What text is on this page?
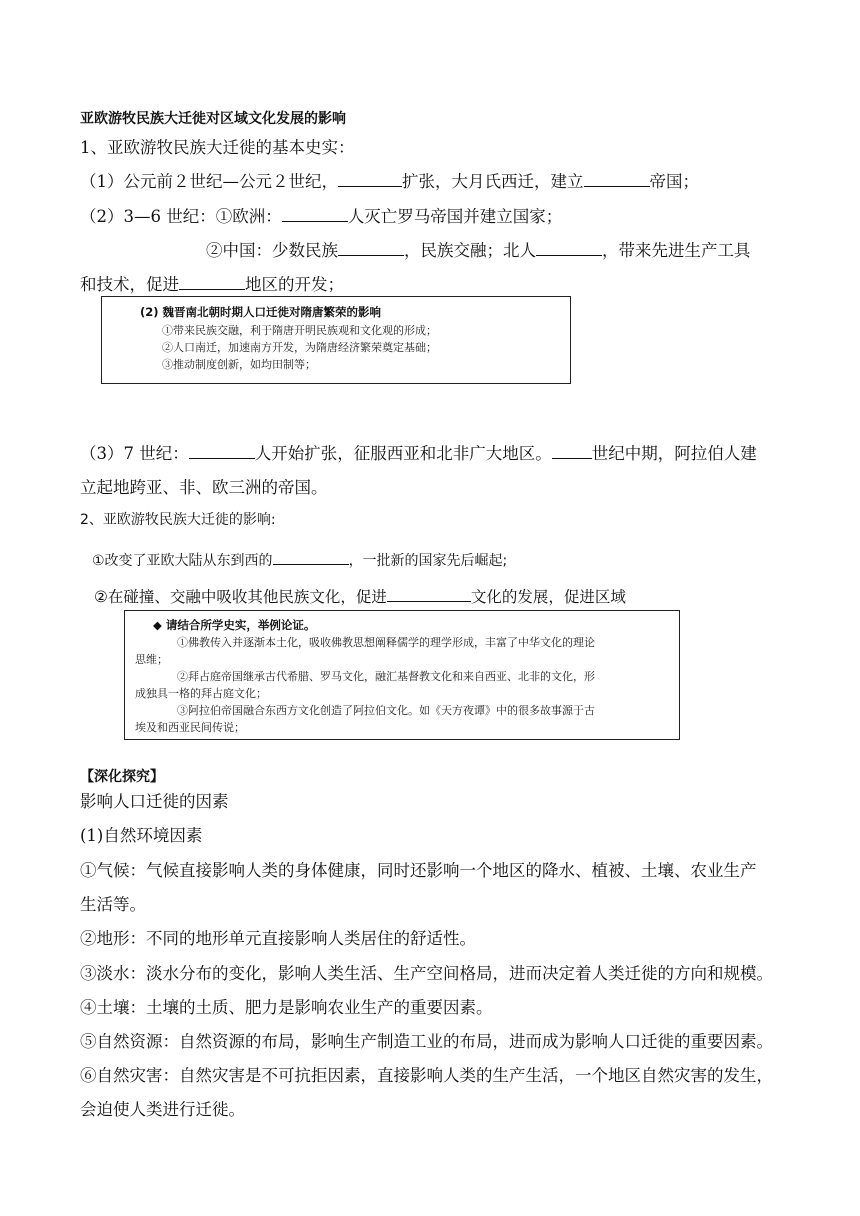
亚欧游牧民族大迁徙对区域文化发展的影响
1、亚欧游牧民族大迁徙的基本史实：
（1）公元前２世纪—公元２世纪，	扩张，大月氏西迁，建立	帝国；
（2）3—6 世纪：①欧洲：	人灭亡罗马帝国并建立国家；
②中国：少数民族	，民族交融；北人	，带来先进生产工具
和技术，促进	地区的开发；
(2) 魏晋南北朝时期人口迁徙对隋唐繁荣的影响
①带来民族交融，利于隋唐开明民族观和文化观的形成；
②人口南迁，加速南方开发，为隋唐经济繁荣奠定基础；
③推动制度创新，如均田制等；
（3）7 世纪：	人开始扩张，征服西亚和北非广大地区。 世纪中期，阿拉伯人建
立起地跨亚、非、欧三洲的帝国。
2、亚欧游牧民族大迁徙的影响:
①改变了亚欧大陆从东到西的	，一批新的国家先后崛起;
②在碰撞、交融中吸收其他民族文化，促进	文化的发展，促进区域
◆ 请结合所学史实，举例论证。
①佛教传入并逐渐本土化，吸收佛教思想阐释儒学的理学形成，丰富了中华文化的理论
思维；
②拜占庭帝国继承古代希腊、罗马文化，融汇基督教文化和来自西亚、北非的文化，形
成独具一格的拜占庭文化；
③阿拉伯帝国融合东西方文化创造了阿拉伯文化。如《天方夜谭》中的很多故事源于古
埃及和西亚民间传说；
【深化探究】
影响人口迁徙的因素
(1)自然环境因素
①气候：气候直接影响人类的身体健康，同时还影响一个地区的降水、植被、土壤、农业生产
生活等。
②地形：不同的地形单元直接影响人类居住的舒适性。
③淡水：淡水分布的变化，影响人类生活、生产空间格局，进而决定着人类迁徙的方向和规模。
④土壤：土壤的土质、肥力是影响农业生产的重要因素。
⑤自然资源：自然资源的布局，影响生产制造工业的布局，进而成为影响人口迁徙的重要因素。
⑥自然灾害：自然灾害是不可抗拒因素，直接影响人类的生产生活，一个地区自然灾害的发生，
会迫使人类进行迁徙。
